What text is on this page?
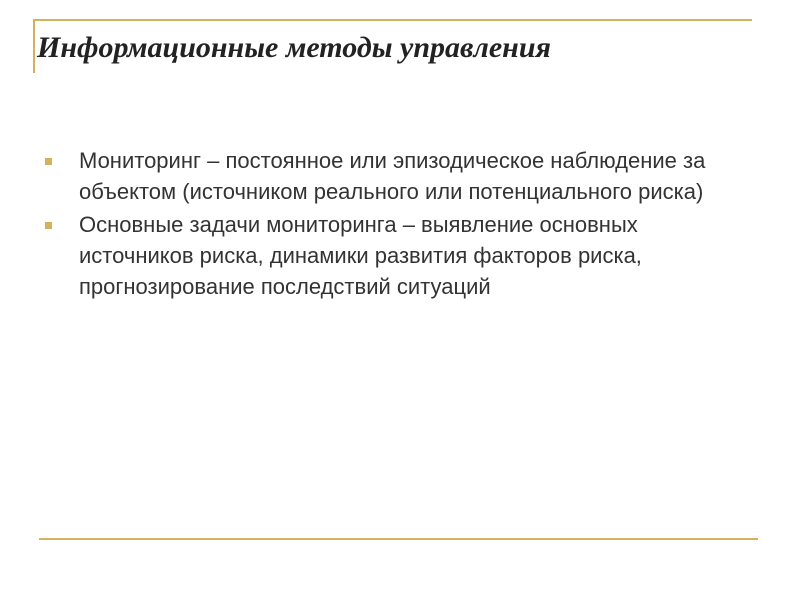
Информационные методы управления
Мониторинг – постоянное или эпизодическое наблюдение за объектом (источником реального или потенциального риска)
Основные задачи мониторинга – выявление основных источников риска, динамики развития факторов риска, прогнозирование последствий ситуаций
